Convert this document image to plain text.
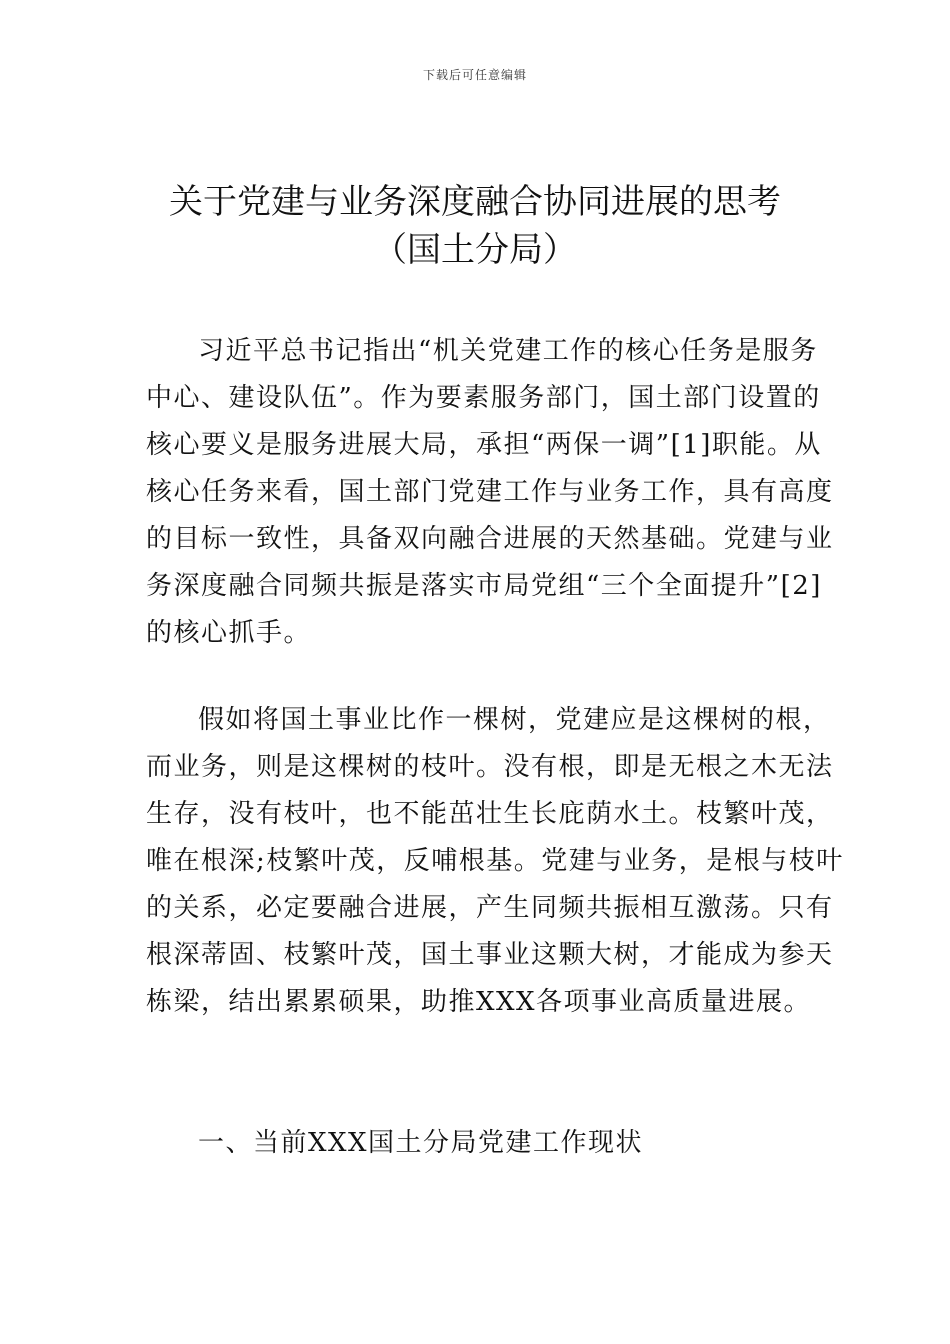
下载后可任意编辑
关于党建与业务深度融合协同进展的思考
（国土分局）
习近平总书记指出“机关党建工作的核心任务是服务
中心、建设队伍”。作为要素服务部门，国土部门设置的
核心要义是服务进展大局，承担“两保一调”[1]职能。从
核心任务来看，国土部门党建工作与业务工作，具有高度
的目标一致性，具备双向融合进展的天然基础。党建与业
务深度融合同频共振是落实市局党组“三个全面提升”[2]
的核心抓手。
假如将国土事业比作一棵树，党建应是这棵树的根，
而业务，则是这棵树的枝叶。没有根，即是无根之木无法
生存，没有枝叶，也不能茁壮生长庇荫水土。枝繁叶茂，
唯在根深;枝繁叶茂，反哺根基。党建与业务，是根与枝叶
的关系，必定要融合进展，产生同频共振相互激荡。只有
根深蒂固、枝繁叶茂，国土事业这颗大树，才能成为参天
栋梁，结出累累硕果，助推XXX各项事业高质量进展。
一、当前XXX国土分局党建工作现状
